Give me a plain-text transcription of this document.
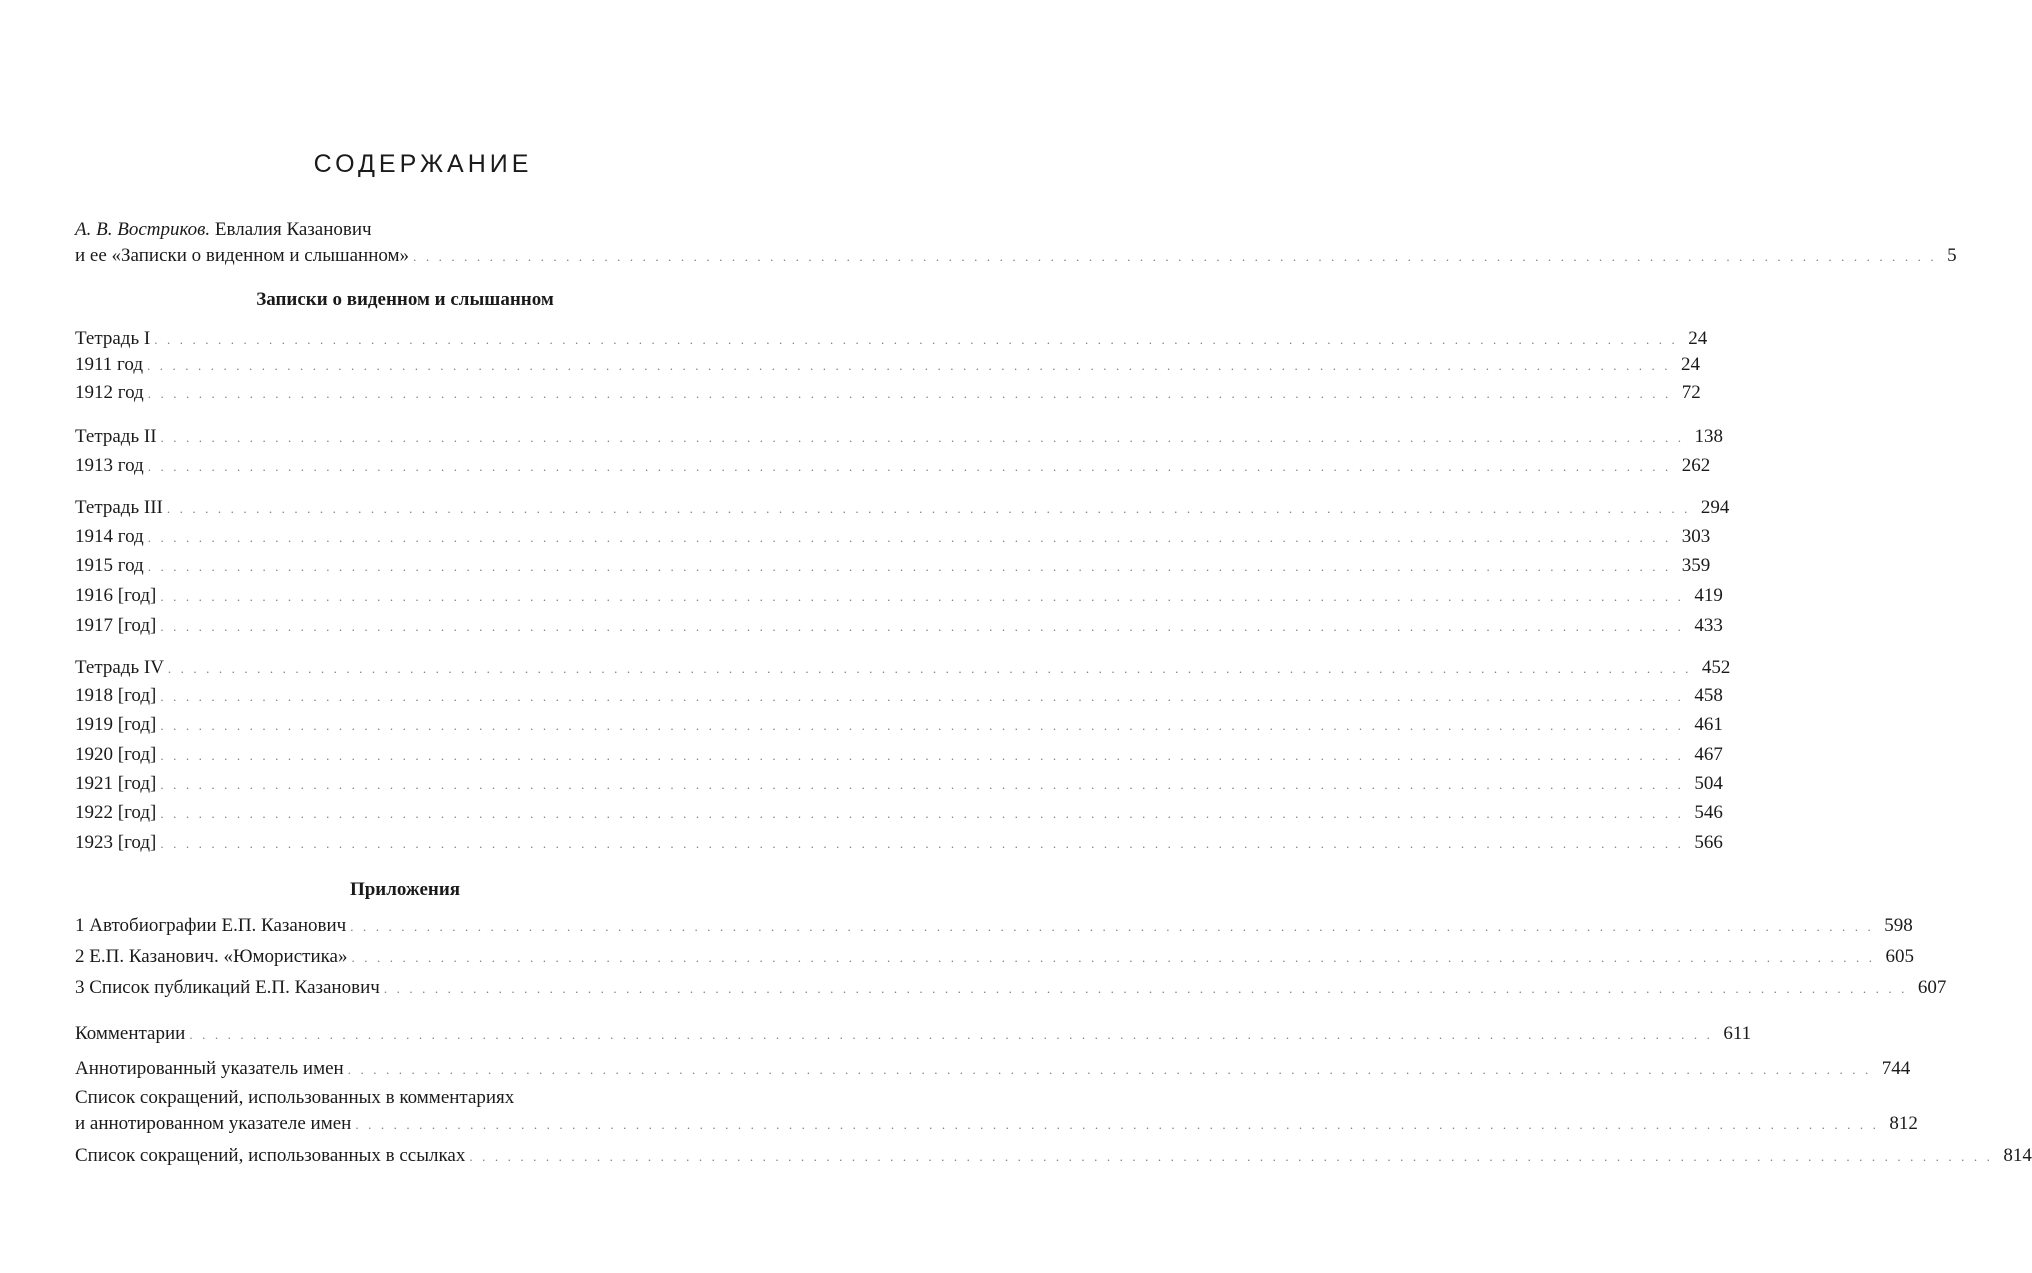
СОДЕРЖАНИЕ
А. В. Востриков. Евлалия Казанович
и ее «Записки о виденном и слышанном» ........................................................................................................................ 5
Записки о виденном и слышанном
Тетрадь I ........................................................................................................................ 24
1911 год ........................................................................................................................ 24
1912 год ........................................................................................................................ 72
Тетрадь II ........................................................................................................................ 138
1913 год ........................................................................................................................ 262
Тетрадь III ........................................................................................................................ 294
1914 год ........................................................................................................................ 303
1915 год ........................................................................................................................ 359
1916 [год] ........................................................................................................................ 419
1917 [год] ........................................................................................................................ 433
Тетрадь IV ........................................................................................................................ 452
1918 [год] ........................................................................................................................ 458
1919 [год] ........................................................................................................................ 461
1920 [год] ........................................................................................................................ 467
1921 [год] ........................................................................................................................ 504
1922 [год] ........................................................................................................................ 546
1923 [год] ........................................................................................................................ 566
Приложения
1 Автобиографии Е.П. Казанович ........................................................................................................................ 598
2 Е.П. Казанович. «Юмористика» ........................................................................................................................ 605
3 Список публикаций Е.П. Казанович ........................................................................................................................ 607
Комментарии ........................................................................................................................ 611
Аннотированный указатель имен ........................................................................................................................ 744
Список сокращений, использованных в комментариях
и аннотированном указателе имен ........................................................................................................................ 812
Список сокращений, использованных в ссылках ........................................................................................................................ 814
